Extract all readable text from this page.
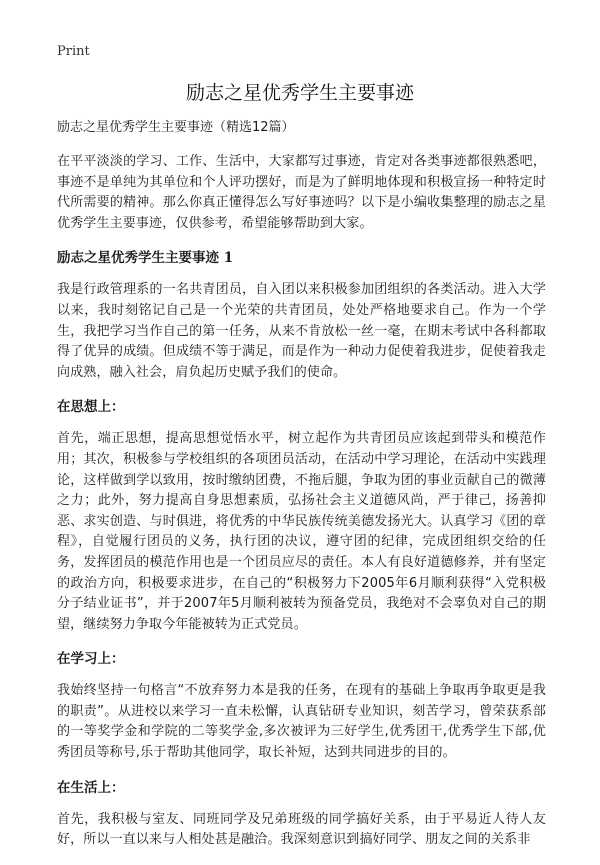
Print
励志之星优秀学生主要事迹
励志之星优秀学生主要事迹（精选12篇）

在平平淡淡的学习、工作、生活中，大家都写过事迹，肯定对各类事迹都很熟悉吧，事迹不是单纯为其单位和个人评功摆好，而是为了鲜明地体现和积极宣扬一种特定时代所需要的精神。那么你真正懂得怎么写好事迹吗？以下是小编收集整理的励志之星优秀学生主要事迹，仅供参考，希望能够帮助到大家。

励志之星优秀学生主要事迹 1

我是行政管理系的一名共青团员，自入团以来积极参加团组织的各类活动。进入大学以来，我时刻铭记自己是一个光荣的共青团员，处处严格地要求自己。作为一个学生，我把学习当作自己的第一任务，从来不肯放松一丝一毫，在期末考试中各科都取得了优异的成绩。但成绩不等于满足，而是作为一种动力促使着我进步，促使着我走向成熟，融入社会，肩负起历史赋予我们的使命。

在思想上：

首先，端正思想，提高思想觉悟水平，树立起作为共青团员应该起到带头和模范作用；其次，积极参与学校组织的各项团员活动，在活动中学习理论，在活动中实践理论，这样做到学以致用，按时缴纳团费，不拖后腿，争取为团的事业贡献自己的微薄之力；此外，努力提高自身思想素质，弘扬社会主义道德风尚，严于律己，扬善抑恶、求实创造、与时俱进，将优秀的中华民族传统美德发扬光大。认真学习《团的章程》，自觉履行团员的义务，执行团的决议，遵守团的纪律，完成团组织交给的任务，发挥团员的模范作用也是一个团员应尽的责任。本人有良好道德修养，并有坚定的政治方向，积极要求进步，在自己的“积极努力下2005年6月顺利获得“入党积极分子结业证书”，并于2007年5月顺利被转为预备党员，我绝对不会辜负对自己的期望，继续努力争取今年能被转为正式党员。

在学习上：

我始终坚持一句格言“不放弃努力本是我的任务，在现有的基础上争取再争取更是我的职责”。从进校以来学习一直未松懈，认真钻研专业知识，刻苦学习，曾荣获系部的一等奖学金和学院的二等奖学金,多次被评为三好学生,优秀团干,优秀学生下部,优秀团员等称号,乐于帮助其他同学，取长补短，达到共同进步的目的。

在生活上：

首先，我积极与室友、同班同学及兄弟班级的同学搞好关系，由于平易近人待人友好，所以一直以来与人相处甚是融洽。我深刻意识到搞好同学、朋友之间的关系非
